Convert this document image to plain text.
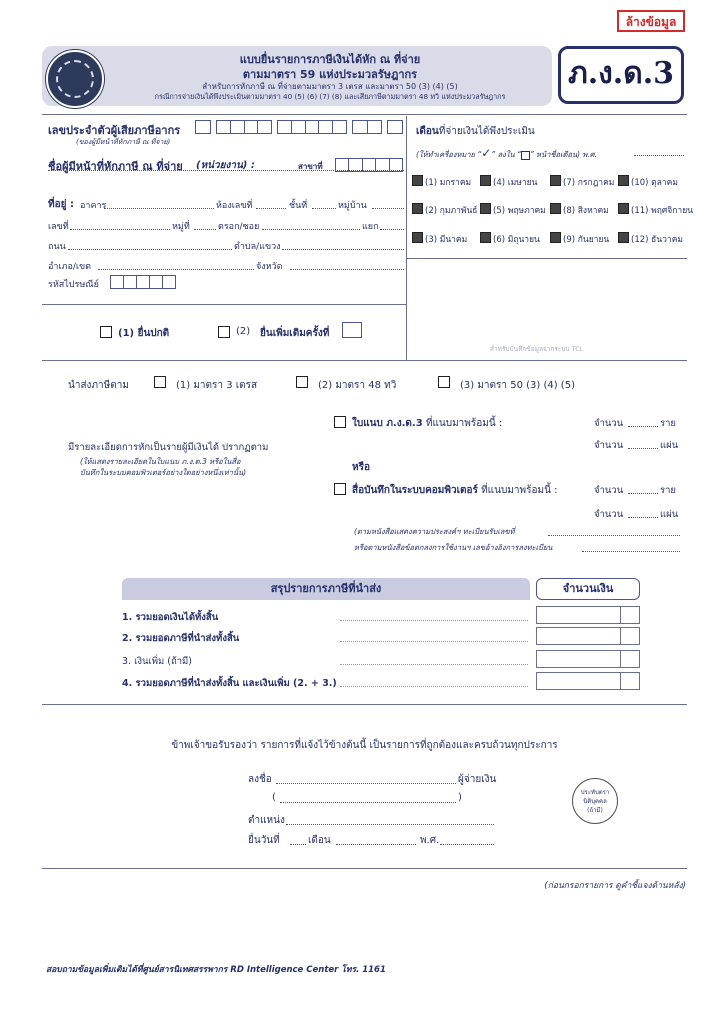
ล้างข้อมูล
แบบยื่นรายการภาษีเงินได้หัก ณ ที่จ่าย
ตามมาตรา 59 แห่งประมวลรัษฎากร
สำหรับการหักภาษี ณ ที่จ่ายตามมาตรา 3 เตรส และมาตรา 50 (3) (4) (5)
กรณีการจ่ายเงินได้พึงประเมินตามมาตรา 40 (5) (6) (7) (8) และเสียภาษีตามมาตรา 48 ทวิ แห่งประมวลรัษฎากร
ภ.ง.ด.3
เลขประจำตัวผู้เสียภาษีอากร
(ของผู้มีหน้าที่หักภาษี ณ ที่จ่าย)
ชื่อผู้มีหน้าที่หักภาษี ณ ที่จ่าย (หน่วยงาน) :	สาขาที่
ที่อยู่ : อาคาร	ห้องเลขที่	ชั้นที่	หมู่บ้าน
เลขที่	หมู่ที่	ตรอก/ซอย	แยก
ถนน	ตำบล/แขวง
อำเภอ/เขต	จังหวัด
รหัสไปรษณีย์
(1) ยื่นปกติ	(2) ยื่นเพิ่มเติมครั้งที่
เดือนที่จ่ายเงินได้พึงประเมิน
(ให้ทำเครื่องหมาย “✓” ลงใน “ ” หน้าชื่อเดือน) พ.ศ.
(1) มกราคม	(4) เมษายน	(7) กรกฎาคม (10) ตุลาคม
(2) กุมภาพันธ์ (5) พฤษภาคม (8) สิงหาคม	(11) พฤศจิกายน
(3) มีนาคม	(6) มิถุนายน	(9) กันยายน	(12) ธันวาคม
สำหรับบันทึกข้อมูลจากระบบ TCL
นำส่งภาษีตาม	(1) มาตรา 3 เตรส	(2) มาตรา 48 ทวิ	(3) มาตรา 50 (3) (4) (5)
มีรายละเอียดการหักเป็นรายผู้มีเงินได้ ปรากฏตาม
(ให้แสดงรายละเอียดในใบแนบ ภ.ง.ด.3 หรือในสื่อ
บันทึกในระบบคอมพิวเตอร์อย่างใดอย่างหนึ่งเท่านั้น)
ใบแนบ ภ.ง.ด.3 ที่แนบมาพร้อมนี้ :	จำนวน	ราย
จำนวน	แผ่น
หรือ
สื่อบันทึกในระบบคอมพิวเตอร์ ที่แนบมาพร้อมนี้ :	จำนวน	ราย
จำนวน	แผ่น
(ตามหนังสือแสดงความประสงค์ฯ ทะเบียนรับเลขที่
หรือตามหนังสือข้อตกลงการใช้งานฯ เลขอ้างอิงการลงทะเบียน
สรุปรายการภาษีที่นำส่ง	จำนวนเงิน
1. รวมยอดเงินได้ทั้งสิ้น
2. รวมยอดภาษีที่นำส่งทั้งสิ้น
3. เงินเพิ่ม (ถ้ามี)
4. รวมยอดภาษีที่นำส่งทั้งสิ้น และเงินเพิ่ม (2. + 3.)
ข้าพเจ้าขอรับรองว่า รายการที่แจ้งไว้ข้างต้นนี้ เป็นรายการที่ถูกต้องและครบถ้วนทุกประการ
ลงชื่อ	ผู้จ่ายเงิน
(	)
ตำแหน่ง
ยื่นวันที่	เดือน	พ.ศ.
ประทับตรา
นิติบุคคล
(ถ้ามี)
(ก่อนกรอกรายการ ดูคำชี้แจงด้านหลัง)
สอบถามข้อมูลเพิ่มเติมได้ที่ศูนย์สารนิเทศสรรพากร RD Intelligence Center โทร. 1161
